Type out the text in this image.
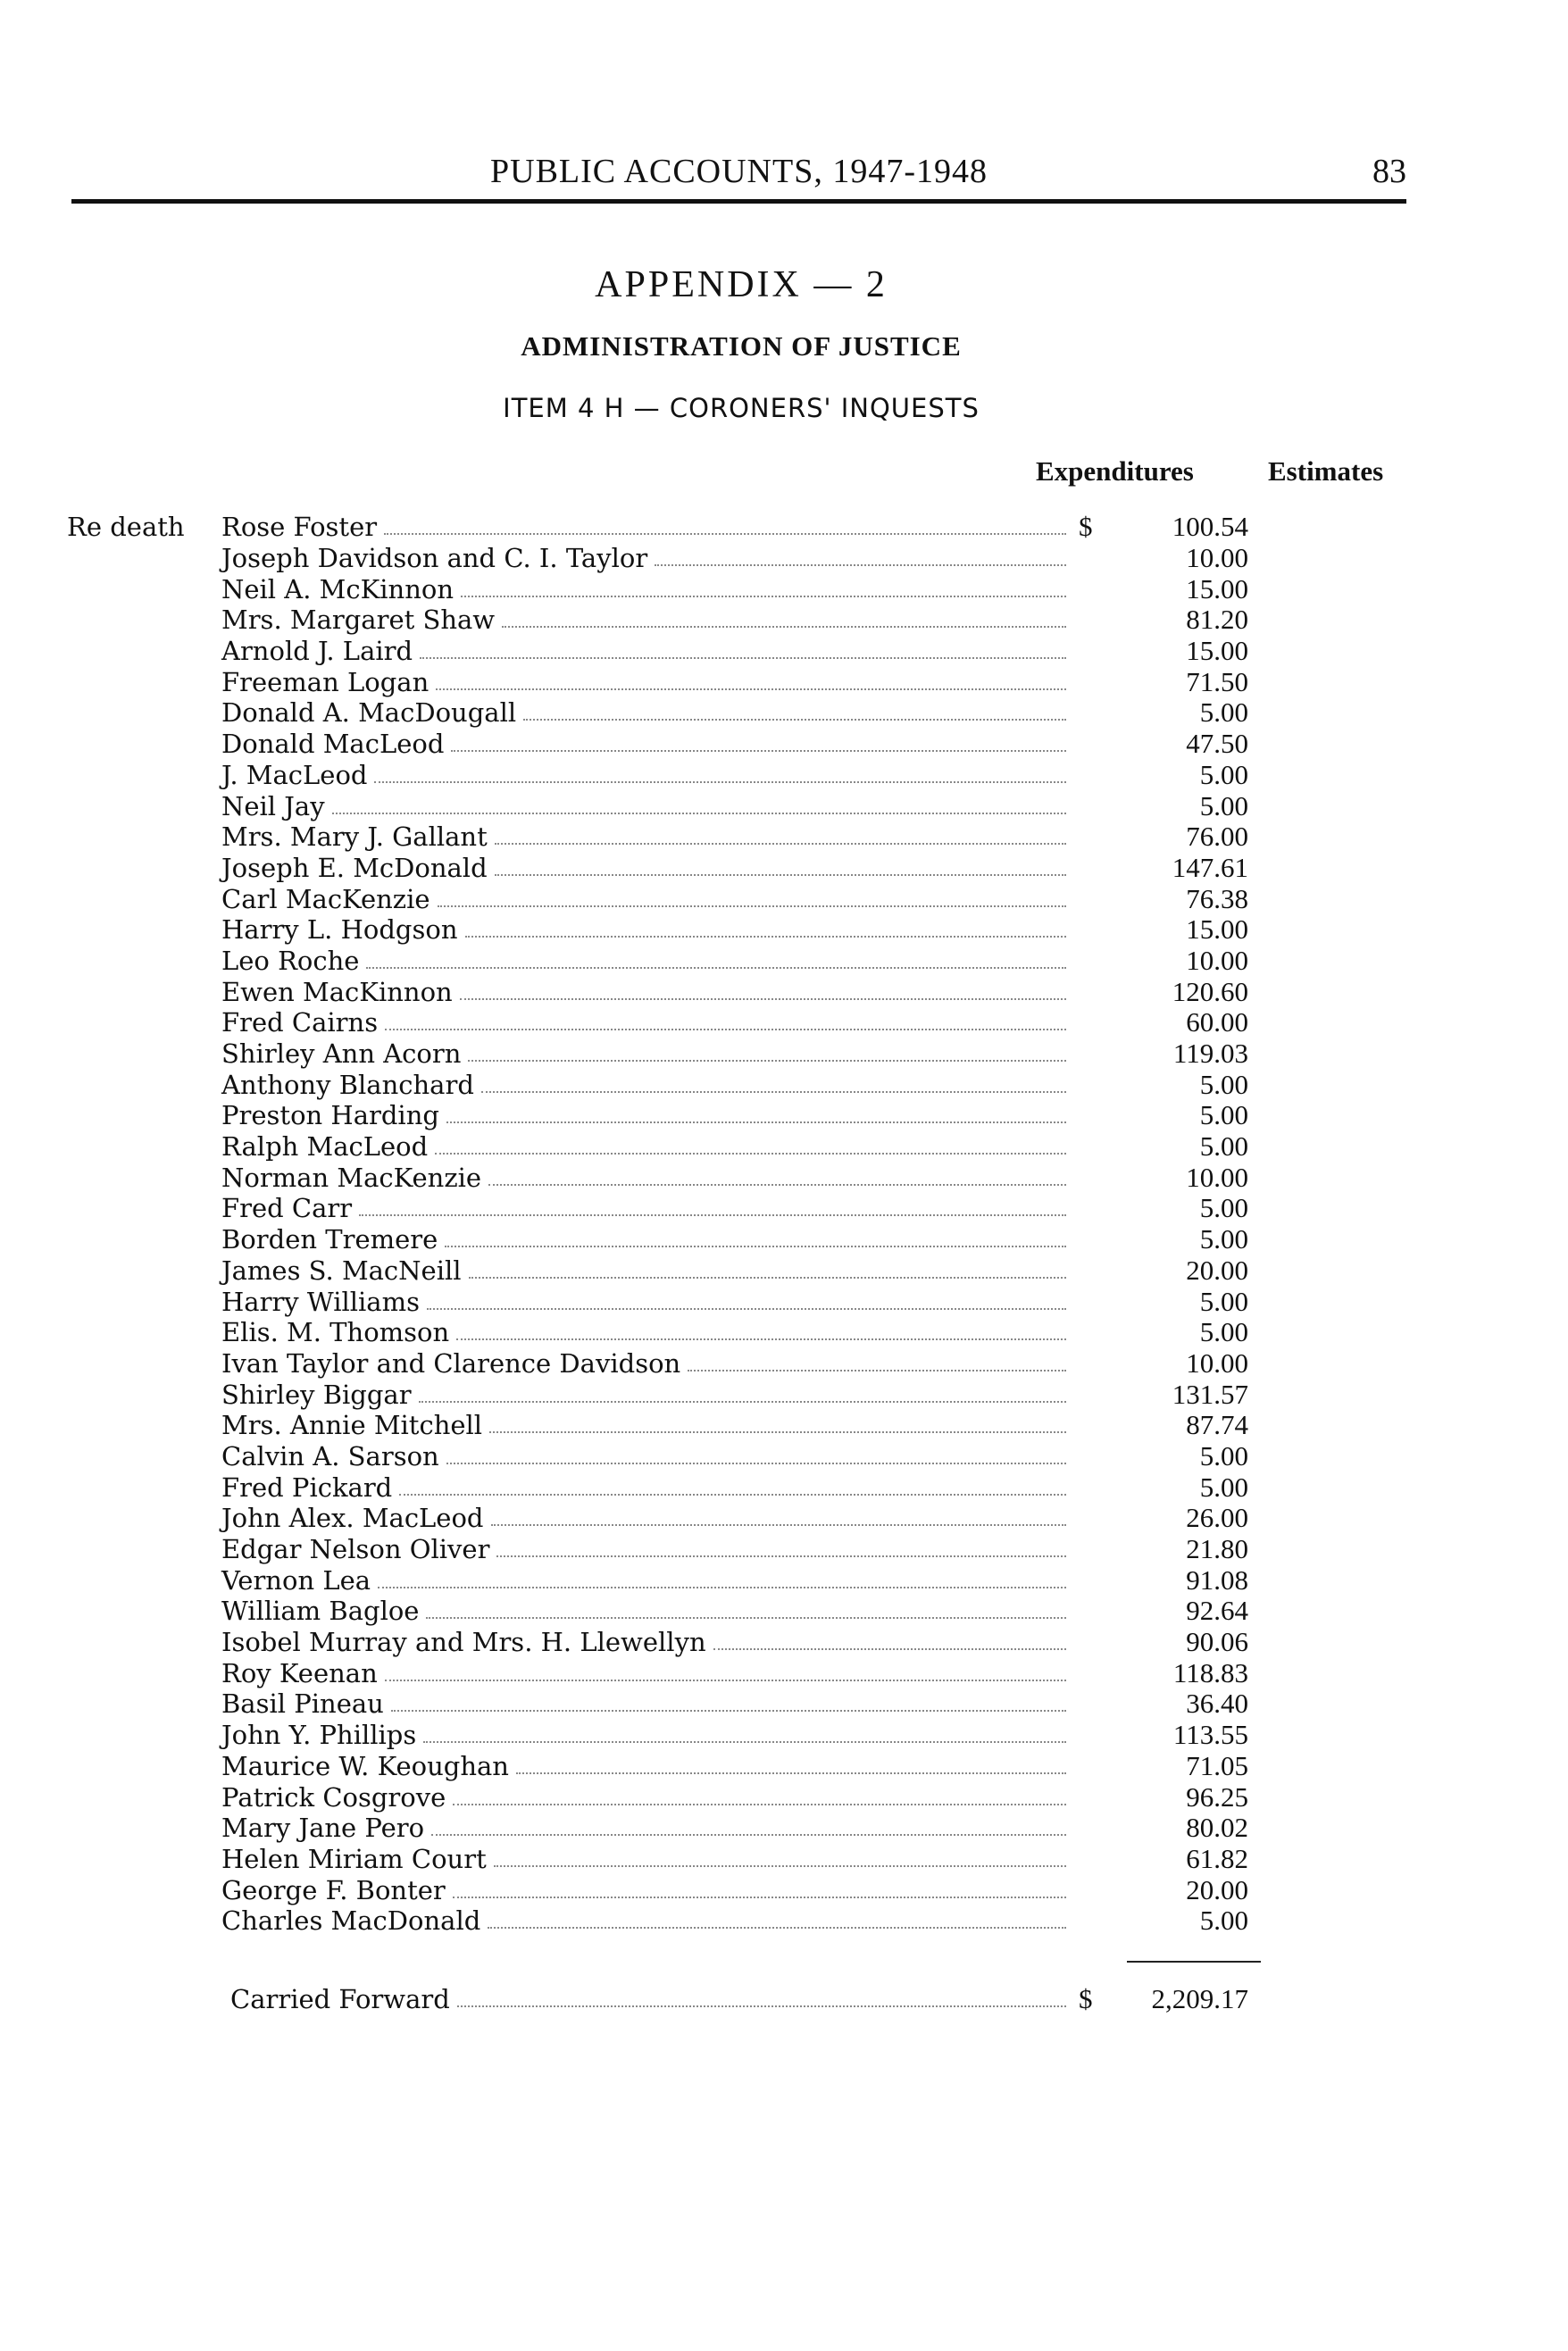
PUBLIC ACCOUNTS, 1947-1948	83
APPENDIX — 2
ADMINISTRATION OF JUSTICE
ITEM 4 H — CORONERS' INQUESTS
Expenditures	Estimates
Re death Rose Foster	$	100.54
Joseph Davidson and C. I. Taylor	10.00
Neil A. McKinnon	15.00
Mrs. Margaret Shaw	81.20
Arnold J. Laird	15.00
Freeman Logan	71.50
Donald A. MacDougall	5.00
Donald MacLeod	47.50
J. MacLeod	5.00
Neil Jay	5.00
Mrs. Mary J. Gallant	76.00
Joseph E. McDonald	147.61
Carl MacKenzie	76.38
Harry L. Hodgson	15.00
Leo Roche	10.00
Ewen MacKinnon	120.60
Fred Cairns	60.00
Shirley Ann Acorn	119.03
Anthony Blanchard	5.00
Preston Harding	5.00
Ralph MacLeod	5.00
Norman MacKenzie	10.00
Fred Carr	5.00
Borden Tremere	5.00
James S. MacNeill	20.00
Harry Williams	5.00
Elis. M. Thomson	5.00
Ivan Taylor and Clarence Davidson	10.00
Shirley Biggar	131.57
Mrs. Annie Mitchell	87.74
Calvin A. Sarson	5.00
Fred Pickard	5.00
John Alex. MacLeod	26.00
Edgar Nelson Oliver	21.80
Vernon Lea	91.08
William Bagloe	92.64
Isobel Murray and Mrs. H. Llewellyn	90.06
Roy Keenan	118.83
Basil Pineau	36.40
John Y. Phillips	113.55
Maurice W. Keoughan	71.05
Patrick Cosgrove	96.25
Mary Jane Pero	80.02
Helen Miriam Court	61.82
George F. Bonter	20.00
Charles MacDonald	5.00
Carried Forward	$	2,209.17
